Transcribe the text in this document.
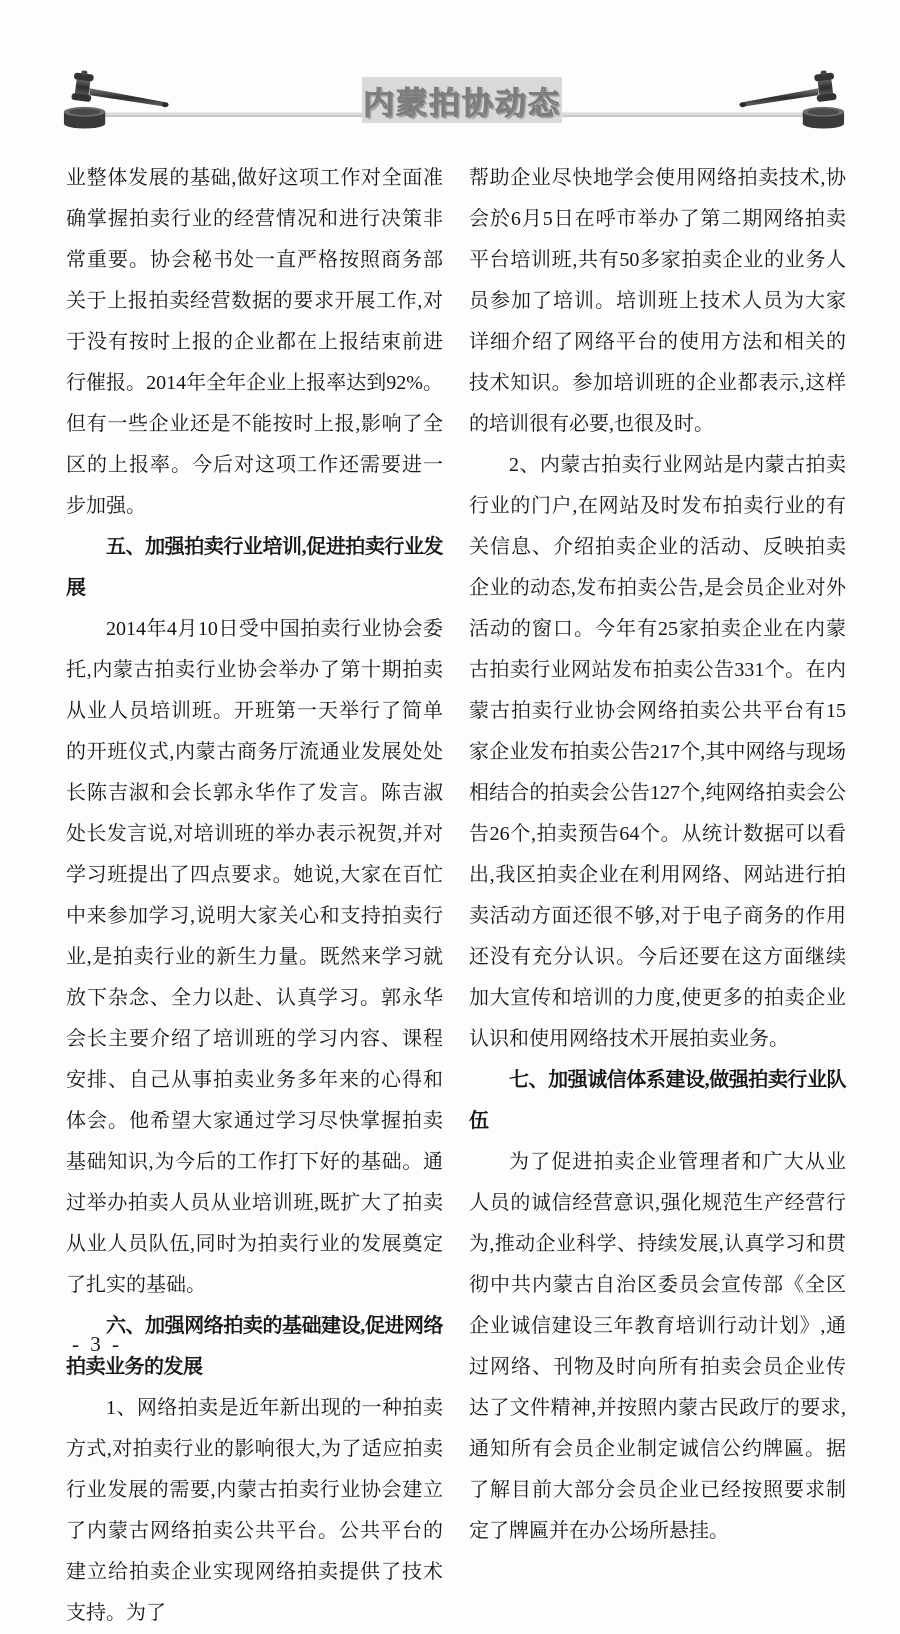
内蒙拍协动态

业整体发展的基础,做好这项工作对全面准确掌握拍卖行业的经营情况和进行决策非常重要。协会秘书处一直严格按照商务部关于上报拍卖经营数据的要求开展工作,对于没有按时上报的企业都在上报结束前进行催报。2014年全年企业上报率达到92%。但有一些企业还是不能按时上报,影响了全区的上报率。今后对这项工作还需要进一步加强。

五、加强拍卖行业培训,促进拍卖行业发展

2014年4月10日受中国拍卖行业协会委托,内蒙古拍卖行业协会举办了第十期拍卖从业人员培训班。开班第一天举行了简单的开班仪式,内蒙古商务厅流通业发展处处长陈吉淑和会长郭永华作了发言。陈吉淑处长发言说,对培训班的举办表示祝贺,并对学习班提出了四点要求。她说,大家在百忙中来参加学习,说明大家关心和支持拍卖行业,是拍卖行业的新生力量。既然来学习就放下杂念、全力以赴、认真学习。郭永华会长主要介绍了培训班的学习内容、课程安排、自己从事拍卖业务多年来的心得和体会。他希望大家通过学习尽快掌握拍卖基础知识,为今后的工作打下好的基础。通过举办拍卖人员从业培训班,既扩大了拍卖从业人员队伍,同时为拍卖行业的发展奠定了扎实的基础。

六、加强网络拍卖的基础建设,促进网络拍卖业务的发展

1、网络拍卖是近年新出现的一种拍卖方式,对拍卖行业的影响很大,为了适应拍卖行业发展的需要,内蒙古拍卖行业协会建立了内蒙古网络拍卖公共平台。公共平台的建立给拍卖企业实现网络拍卖提供了技术支持。为了

帮助企业尽快地学会使用网络拍卖技术,协会於6月5日在呼市举办了第二期网络拍卖平台培训班,共有50多家拍卖企业的业务人员参加了培训。培训班上技术人员为大家详细介绍了网络平台的使用方法和相关的技术知识。参加培训班的企业都表示,这样的培训很有必要,也很及时。

2、内蒙古拍卖行业网站是内蒙古拍卖行业的门户,在网站及时发布拍卖行业的有关信息、介绍拍卖企业的活动、反映拍卖企业的动态,发布拍卖公告,是会员企业对外活动的窗口。今年有25家拍卖企业在内蒙古拍卖行业网站发布拍卖公告331个。在内蒙古拍卖行业协会网络拍卖公共平台有15家企业发布拍卖公告217个,其中网络与现场相结合的拍卖会公告127个,纯网络拍卖会公告26个,拍卖预告64个。从统计数据可以看出,我区拍卖企业在利用网络、网站进行拍卖活动方面还很不够,对于电子商务的作用还没有充分认识。今后还要在这方面继续加大宣传和培训的力度,使更多的拍卖企业认识和使用网络技术开展拍卖业务。

七、加强诚信体系建设,做强拍卖行业队伍

为了促进拍卖企业管理者和广大从业人员的诚信经营意识,强化规范生产经营行为,推动企业科学、持续发展,认真学习和贯彻中共内蒙古自治区委员会宣传部《全区企业诚信建设三年教育培训行动计划》,通过网络、刊物及时向所有拍卖会员企业传达了文件精神,并按照内蒙古民政厅的要求,通知所有会员企业制定诚信公约牌匾。据了解目前大部分会员企业已经按照要求制定了牌匾并在办公场所悬挂。

- 3 -
